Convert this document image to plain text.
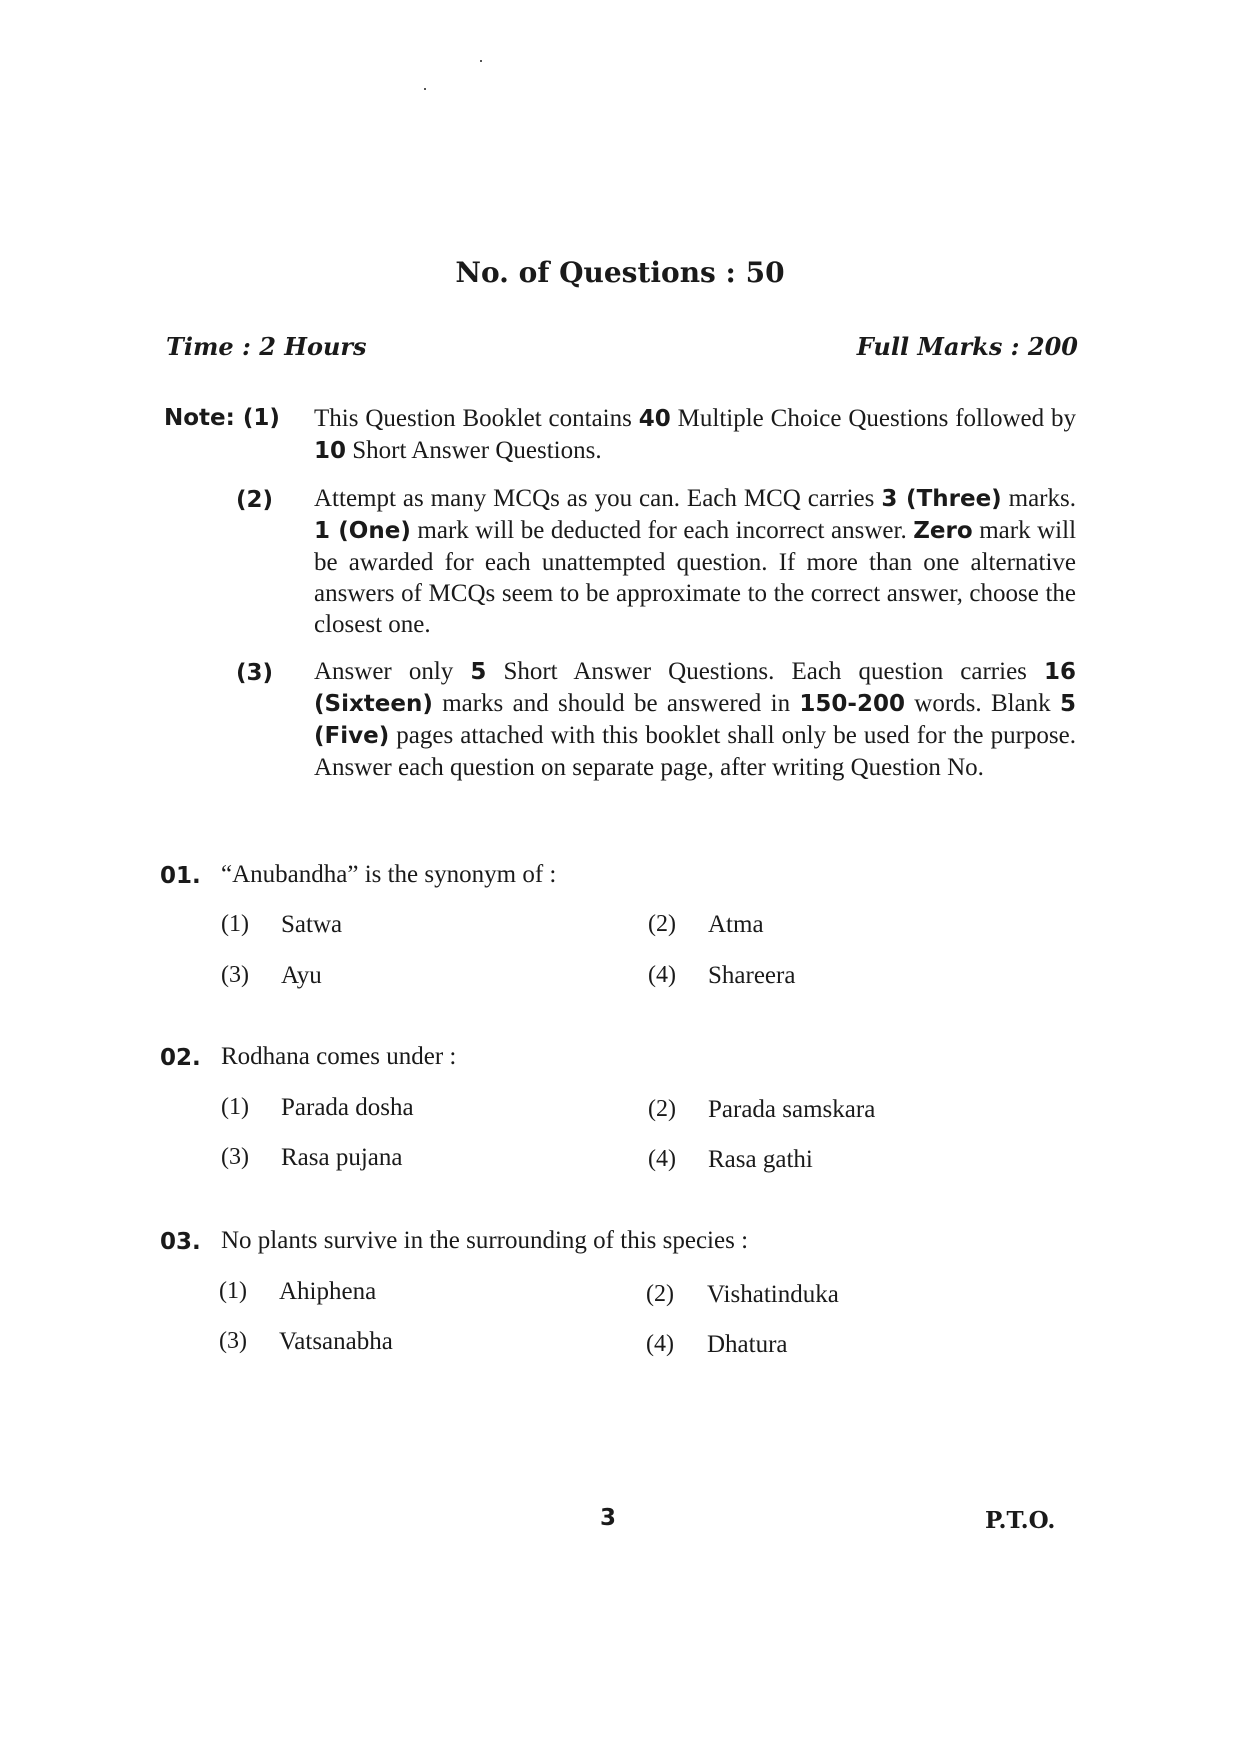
No. of Questions : 50
Time : 2 Hours	Full Marks : 200
Note: (1) This Question Booklet contains 40 Multiple Choice Questions followed by 10 Short Answer Questions.
(2) Attempt as many MCQs as you can. Each MCQ carries 3 (Three) marks. 1 (One) mark will be deducted for each incorrect answer. Zero mark will be awarded for each unattempted question. If more than one alternative answers of MCQs seem to be approximate to the correct answer, choose the closest one.
(3) Answer only 5 Short Answer Questions. Each question carries 16 (Sixteen) marks and should be answered in 150-200 words. Blank 5 (Five) pages attached with this booklet shall only be used for the purpose. Answer each question on separate page, after writing Question No.
01. “Anubandha” is the synonym of :
(1) Satwa	(2) Atma
(3) Ayu	(4) Shareera
02. Rodhana comes under :
(1) Parada dosha	(2) Parada samskara
(3) Rasa pujana	(4) Rasa gathi
03. No plants survive in the surrounding of this species :
(1) Ahiphena	(2) Vishatinduka
(3) Vatsanabha	(4) Dhatura
3	P.T.O.
